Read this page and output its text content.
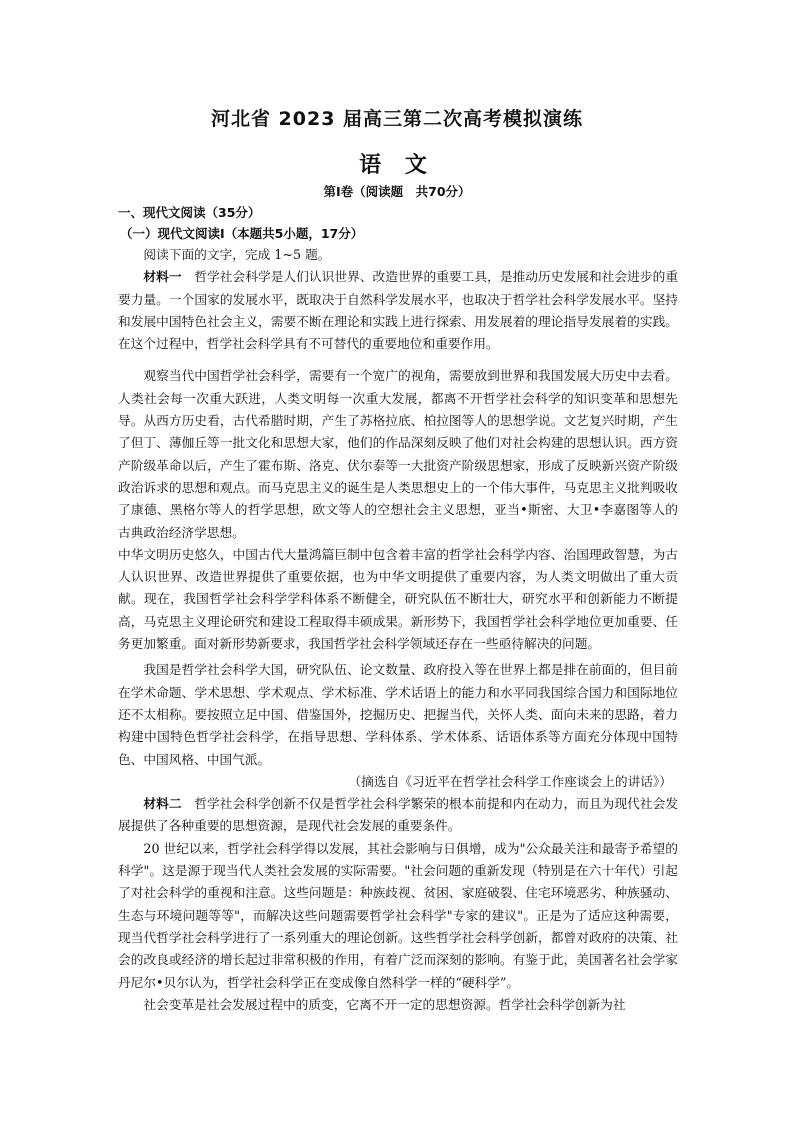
河北省 2023 届高三第二次高考模拟演练
语 文
第Ⅰ卷（阅读题　共70分）
一、现代文阅读（35分）
（一）现代文阅读Ⅰ（本题共5小题，17分）

阅读下面的文字，完成 1~5 题。

材料一　 哲学社会科学是人们认识世界、改造世界的重要工具，是推动历史发展和社会进步的重要力量。一个国家的发展水平，既取决于自然科学发展水平，也取决于哲学社会科学发展水平。坚持和发展中国特色社会主义，需要不断在理论和实践上进行探索、用发展着的理论指导发展着的实践。在这个过程中，哲学社会科学具有不可替代的重要地位和重要作用。

观察当代中国哲学社会科学，需要有一个宽广的视角，需要放到世界和我国发展大历史中去看。人类社会每一次重大跃进，人类文明每一次重大发展，都离不开哲学社会科学的知识变革和思想先导。从西方历史看，古代希腊时期，产生了苏格拉底、柏拉图等人的思想学说。文艺复兴时期，产生了但丁、薄伽丘等一批文化和思想大家，他们的作品深刻反映了他们对社会构建的思想认识。西方资产阶级革命以后，产生了霍布斯、洛克、伏尔泰等一大批资产阶级思想家，形成了反映新兴资产阶级政治诉求的思想和观点。而马克思主义的诞生是人类思想史上的一个伟大事件，马克思主义批判吸收了康德、黑格尔等人的哲学思想，欧文等人的空想社会主义思想，亚当•斯密、大卫•李嘉图等人的古典政治经济学思想。

中华文明历史悠久，中国古代大量鸿篇巨制中包含着丰富的哲学社会科学内容、治国理政智慧，为古人认识世界、改造世界提供了重要依据，也为中华文明提供了重要内容，为人类文明做出了重大贡献。现在，我国哲学社会科学学科体系不断健全，研究队伍不断壮大，研究水平和创新能力不断提高，马克思主义理论研究和建设工程取得丰硕成果。新形势下，我国哲学社会科学地位更加重要、任务更加繁重。面对新形势新要求，我国哲学社会科学领域还存在一些亟待解决的问题。

我国是哲学社会科学大国，研究队伍、论文数量、政府投入等在世界上都是排在前面的，但目前在学术命题、学术思想、学术观点、学术标准、学术话语上的能力和水平同我国综合国力和国际地位还不太相称。要按照立足中国、借鉴国外，挖掘历史、把握当代，关怀人类、面向未来的思路，着力构建中国特色哲学社会科学，在指导思想、学科体系、学术体系、话语体系等方面充分体现中国特色、中国风格、中国气派。

（摘选自《习近平在哲学社会科学工作座谈会上的讲话》）

材料二　 哲学社会科学创新不仅是哲学社会科学繁荣的根本前提和内在动力，而且为现代社会发展提供了各种重要的思想资源，是现代社会发展的重要条件。

20 世纪以来，哲学社会科学得以发展，其社会影响与日俱增，成为"公众最关注和最寄予希望的科学"。这是源于现当代人类社会发展的实际需要。"社会问题的重新发现（特别是在六十年代）引起了对社会科学的重视和注意。这些问题是：种族歧视、贫困、家庭破裂、住宅环境恶劣、种族骚动、生态与环境问题等等"，而解决这些问题需要哲学社会科学"专家的建议"。正是为了适应这种需要，现当代哲学社会科学进行了一系列重大的理论创新。这些哲学社会科学创新，都曾对政府的决策、社会的改良或经济的增长起过非常积极的作用，有着广泛而深刻的影响。有鉴于此，美国著名社会学家丹尼尔•贝尔认为，哲学社会科学正在变成像自然科学一样的“硬科学”。

社会变革是社会发展过程中的质变，它离不开一定的思想资源。哲学社会科学创新为社
